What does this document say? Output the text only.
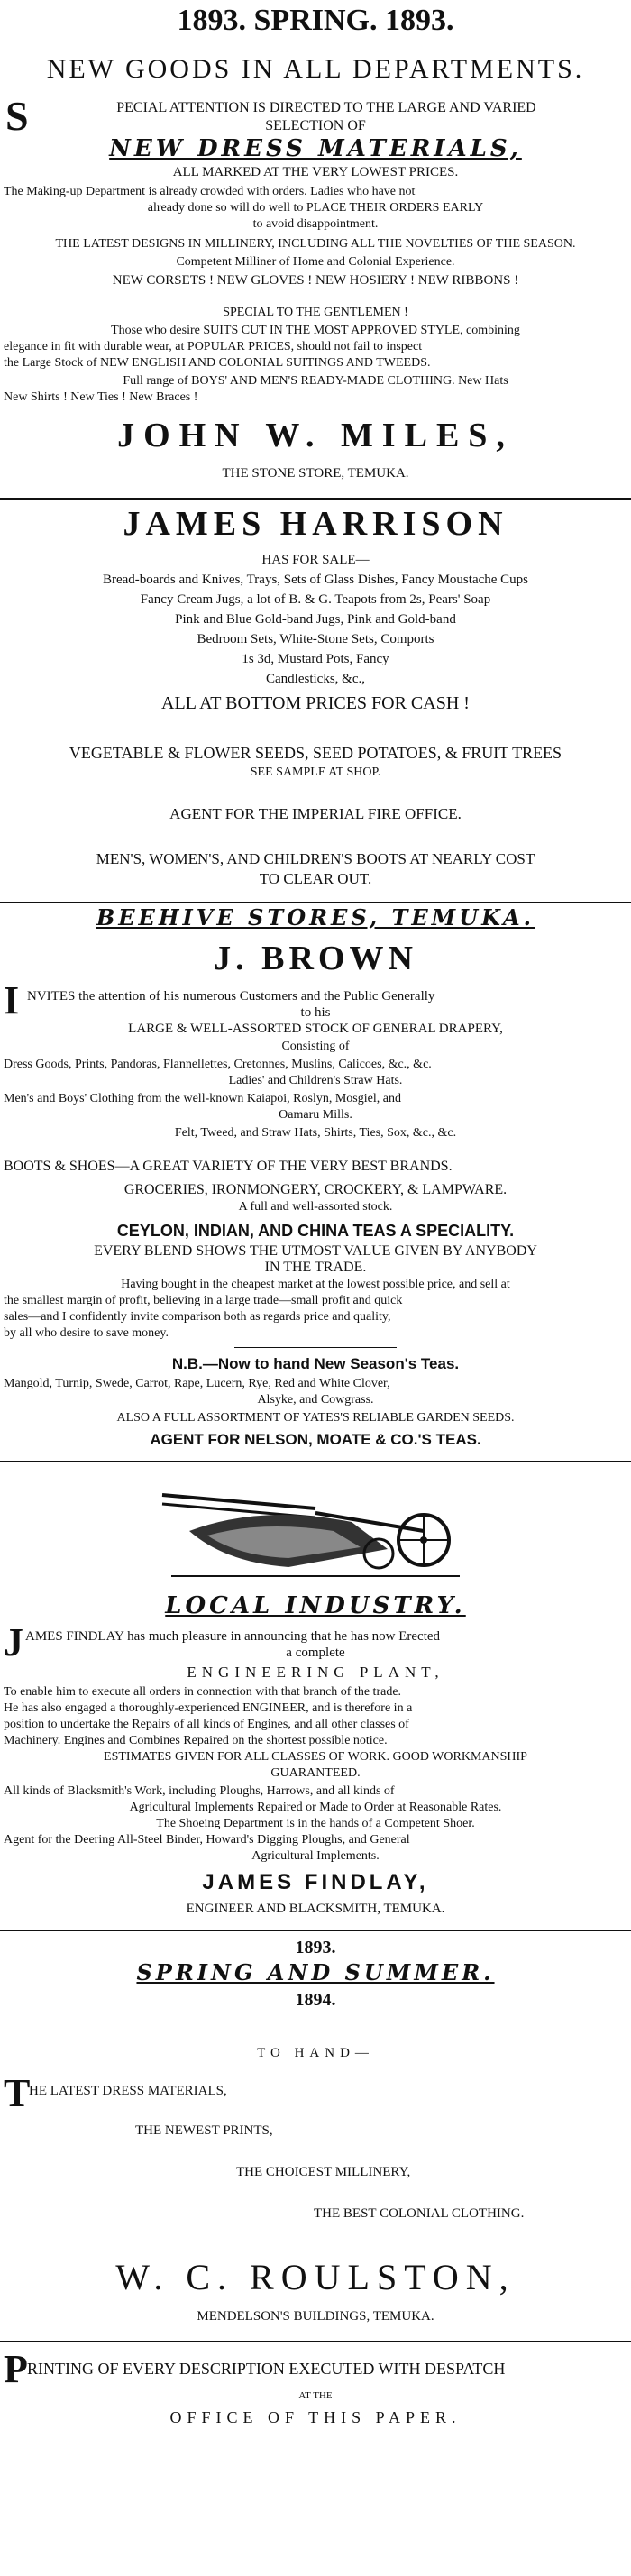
1893. SPRING. 1893.
NEW GOODS IN ALL DEPARTMENTS.
S	PECIAL ATTENTION IS DIRECTED TO THE LARGE AND VARIED
SELECTION OF
NEW DRESS MATERIALS,
ALL MARKED AT THE VERY LOWEST PRICES.
The Making-up Department is already crowded with orders. Ladies who have not
already done so will do well to PLACE THEIR ORDERS EARLY
to avoid disappointment.
THE LATEST DESIGNS IN MILLINERY, INCLUDING ALL THE NOVELTIES OF THE SEASON.
Competent Milliner of Home and Colonial Experience.
NEW CORSETS ! NEW GLOVES ! NEW HOSIERY ! NEW RIBBONS !
SPECIAL TO THE GENTLEMEN !
Those who desire SUITS CUT IN THE MOST APPROVED STYLE, combining
elegance in fit with durable wear, at POPULAR PRICES, should not fail to inspect
the Large Stock of NEW ENGLISH AND COLONIAL SUITINGS AND TWEEDS.
Full range of BOYS' AND MEN'S READY-MADE CLOTHING. New Hats
New Shirts ! New Ties ! New Braces !
JOHN W. MILES,
THE STONE STORE, TEMUKA.
JAMES HARRISON
HAS FOR SALE—
Bread-boards and Knives, Trays, Sets of Glass Dishes, Fancy Moustache Cups
Fancy Cream Jugs, a lot of B. & G. Teapots from 2s, Pears' Soap
Pink and Blue Gold-band Jugs, Pink and Gold-band
Bedroom Sets, White-Stone Sets, Comports
1s 3d, Mustard Pots, Fancy
Candlesticks, &c.,
ALL AT BOTTOM PRICES FOR CASH !
VEGETABLE & FLOWER SEEDS, SEED POTATOES, & FRUIT TREES
SEE SAMPLE AT SHOP.
AGENT FOR THE IMPERIAL FIRE OFFICE.
MEN'S, WOMEN'S, AND CHILDREN'S BOOTS AT NEARLY COST
TO CLEAR OUT.
BEEHIVE STORES, TEMUKA.
J. BROWN
I NVITES the attention of his numerous Customers and the Public Generally
to his
LARGE & WELL-ASSORTED STOCK OF GENERAL DRAPERY,
Consisting of
Dress Goods, Prints, Pandoras, Flannellettes, Cretonnes, Muslins, Calicoes, &c., &c.
Ladies' and Children's Straw Hats.
Men's and Boys' Clothing from the well-known Kaiapoi, Roslyn, Mosgiel, and
Oamaru Mills.
Felt, Tweed, and Straw Hats, Shirts, Ties, Sox, &c., &c.
BOOTS & SHOES—A GREAT VARIETY OF THE VERY BEST BRANDS.
GROCERIES, IRONMONGERY, CROCKERY, & LAMPWARE.
A full and well-assorted stock.
CEYLON, INDIAN, AND CHINA TEAS A SPECIALITY.
EVERY BLEND SHOWS THE UTMOST VALUE GIVEN BY ANYBODY
IN THE TRADE.
Having bought in the cheapest market at the lowest possible price, and sell at
the smallest margin of profit, believing in a large trade—small profit and quick
sales—and I confidently invite comparison both as regards price and quality,
by all who desire to save money.
N.B.—Now to hand New Season's Teas.
Mangold, Turnip, Swede, Carrot, Rape, Lucern, Rye, Red and White Clover,
Alsyke, and Cowgrass.
ALSO A FULL ASSORTMENT OF YATES'S RELIABLE GARDEN SEEDS.
AGENT FOR NELSON, MOATE & CO.'S TEAS.
LOCAL INDUSTRY.
J AMES FINDLAY has much pleasure in announcing that he has now Erected
a complete
ENGINEERING PLANT,
To enable him to execute all orders in connection with that branch of the trade.
He has also engaged a thoroughly-experienced ENGINEER, and is therefore in a
position to undertake the Repairs of all kinds of Engines, and all other classes of
Machinery. Engines and Combines Repaired on the shortest possible notice.
ESTIMATES GIVEN FOR ALL CLASSES OF WORK. GOOD WORKMANSHIP
GUARANTEED.
All kinds of Blacksmith's Work, including Ploughs, Harrows, and all kinds of
Agricultural Implements Repaired or Made to Order at Reasonable Rates.
The Shoeing Department is in the hands of a Competent Shoer.
Agent for the Deering All-Steel Binder, Howard's Digging Ploughs, and General
Agricultural Implements.
JAMES FINDLAY,
ENGINEER AND BLACKSMITH, TEMUKA.
1893.
SPRING AND SUMMER.
1894.
TO HAND—
T
HE LATEST DRESS MATERIALS,
THE NEWEST PRINTS,
THE CHOICEST MILLINERY,
THE BEST COLONIAL CLOTHING.
W. C. ROULSTON,
MENDELSON'S BUILDINGS, TEMUKA.
P RINTING OF EVERY DESCRIPTION EXECUTED WITH DESPATCH
AT THE
OFFICE OF THIS PAPER.
